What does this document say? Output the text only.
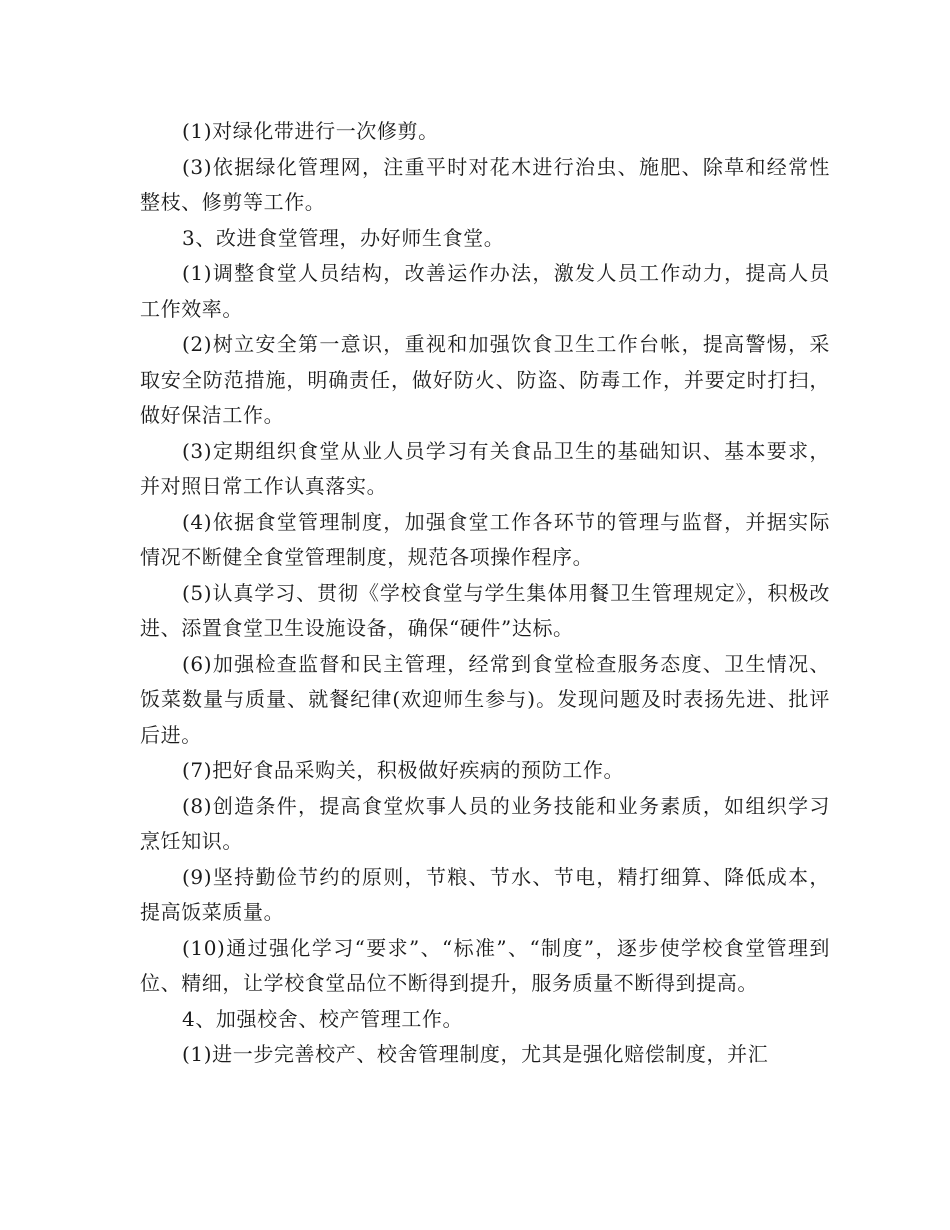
(1)对绿化带进行一次修剪。

(3)依据绿化管理网，注重平时对花木进行治虫、施肥、除草和经常性整枝、修剪等工作。

3、改进食堂管理，办好师生食堂。

(1)调整食堂人员结构，改善运作办法，激发人员工作动力，提高人员工作效率。

(2)树立安全第一意识，重视和加强饮食卫生工作台帐，提高警惕，采取安全防范措施，明确责任，做好防火、防盗、防毒工作，并要定时打扫，做好保洁工作。

(3)定期组织食堂从业人员学习有关食品卫生的基础知识、基本要求，并对照日常工作认真落实。

(4)依据食堂管理制度，加强食堂工作各环节的管理与监督，并据实际情况不断健全食堂管理制度，规范各项操作程序。

(5)认真学习、贯彻《学校食堂与学生集体用餐卫生管理规定》，积极改进、添置食堂卫生设施设备，确保“硬件”达标。

(6)加强检查监督和民主管理，经常到食堂检查服务态度、卫生情况、饭菜数量与质量、就餐纪律(欢迎师生参与)。发现问题及时表扬先进、批评后进。

(7)把好食品采购关，积极做好疾病的预防工作。

(8)创造条件，提高食堂炊事人员的业务技能和业务素质，如组织学习烹饪知识。

(9)坚持勤俭节约的原则，节粮、节水、节电，精打细算、降低成本，提高饭菜质量。

(10)通过强化学习“要求”、“标准”、“制度”，逐步使学校食堂管理到位、精细，让学校食堂品位不断得到提升，服务质量不断得到提高。

4、加强校舍、校产管理工作。

(1)进一步完善校产、校舍管理制度，尤其是强化赔偿制度，并汇
